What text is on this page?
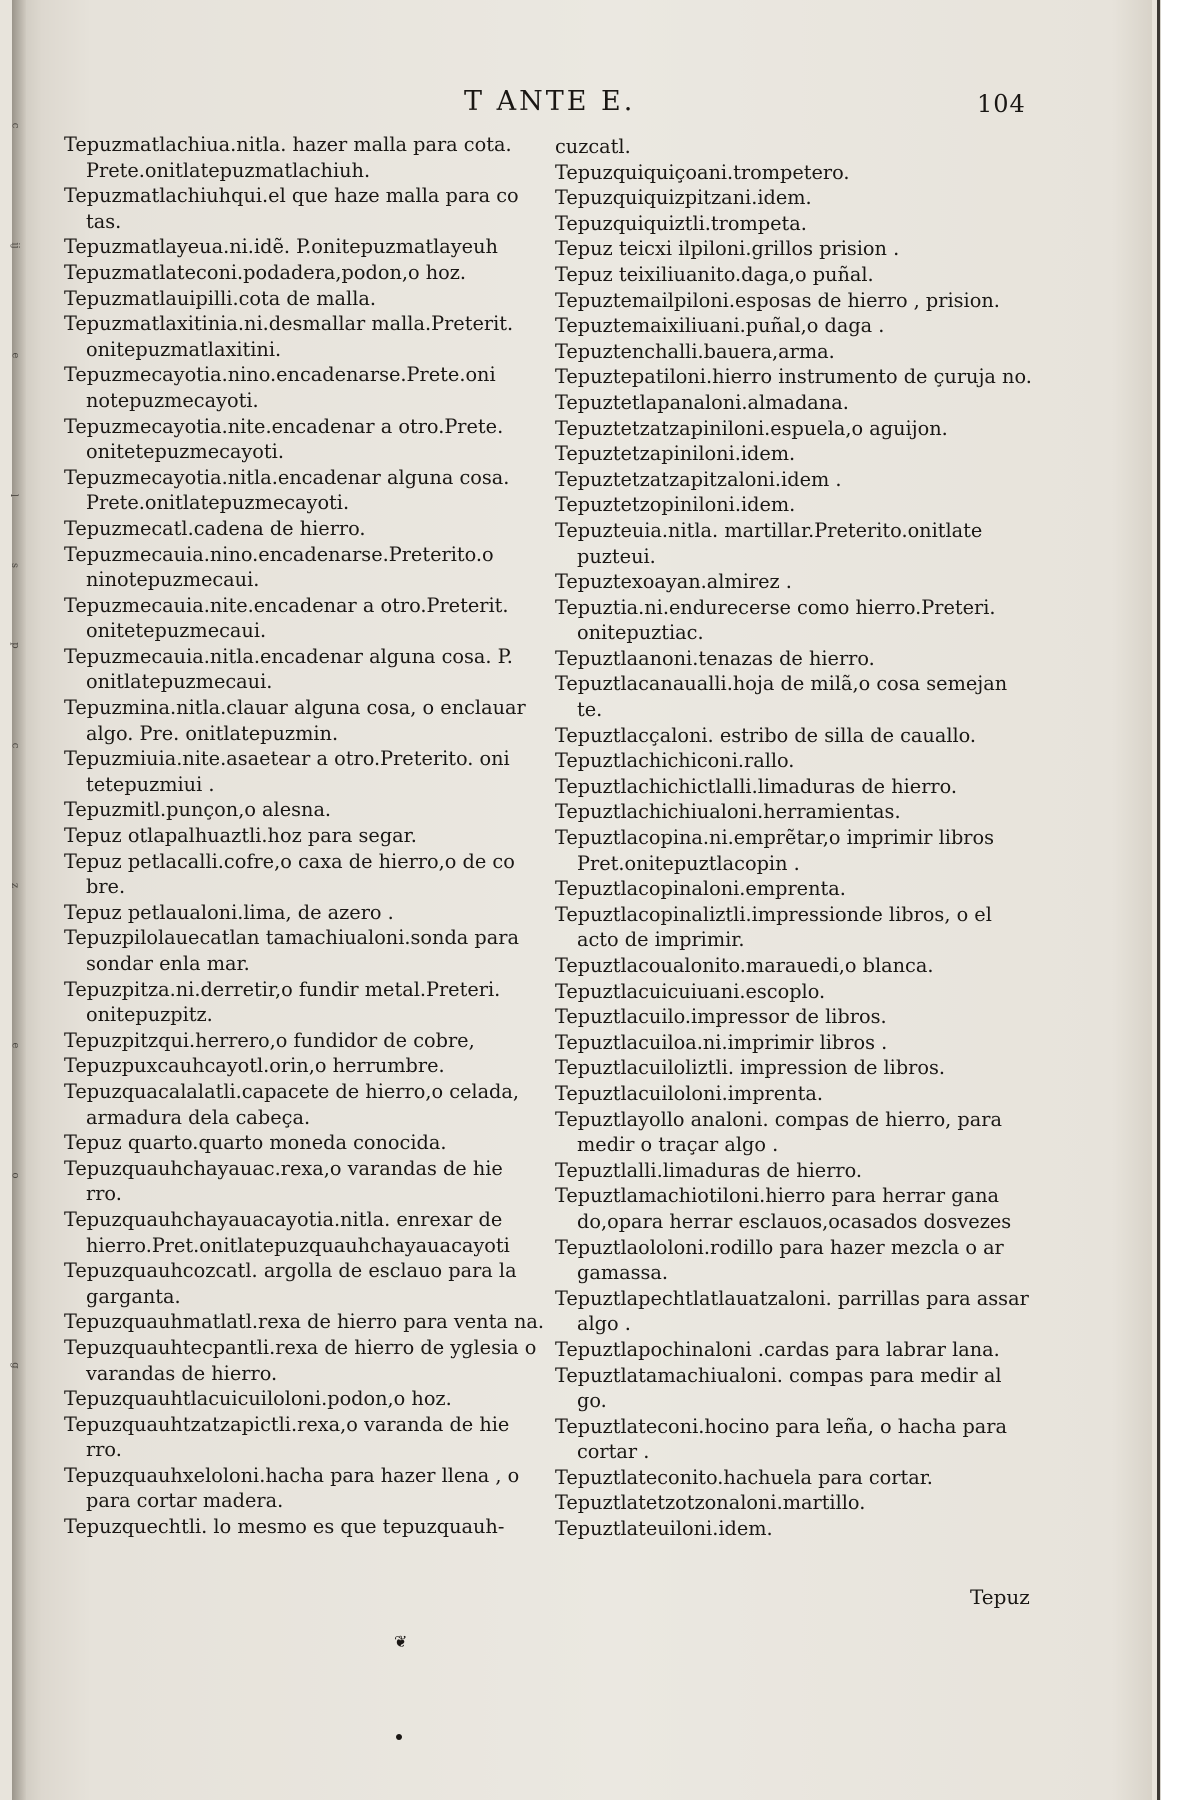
c
ij
e
l
s
p
c
z
e
o
g
T ANTE E.	104

Tepuzmatlachiua.nitla. hazer malla para cota. Prete.onitlatepuzmatlachiuh.

Tepuzmatlachiuhqui.el que haze malla para co tas.

Tepuzmatlayeua.ni.idẽ. P.onitepuzmatlayeuh

Tepuzmatlateconi.podadera,podon,o hoz.

Tepuzmatlauipilli.cota de malla.

Tepuzmatlaxitinia.ni.desmallar malla.Preterit. onitepuzmatlaxitini.

Tepuzmecayotia.nino.encadenarse.Prete.oni notepuzmecayoti.

Tepuzmecayotia.nite.encadenar a otro.Prete. onitetepuzmecayoti.

Tepuzmecayotia.nitla.encadenar alguna cosa. Prete.onitlatepuzmecayoti.

Tepuzmecatl.cadena de hierro.

Tepuzmecauia.nino.encadenarse.Preterito.o ninotepuzmecaui.

Tepuzmecauia.nite.encadenar a otro.Preterit. onitetepuzmecaui.

Tepuzmecauia.nitla.encadenar alguna cosa. P. onitlatepuzmecaui.

Tepuzmina.nitla.clauar alguna cosa, o enclauar algo. Pre. onitlatepuzmin.

Tepuzmiuia.nite.asaetear a otro.Preterito. oni tetepuzmiui .

Tepuzmitl.punçon,o alesna.

Tepuz otlapalhuaztli.hoz para segar.

Tepuz petlacalli.cofre,o caxa de hierro,o de co bre.

Tepuz petlaualoni.lima, de azero .

Tepuzpilolauecatlan tamachiualoni.sonda para sondar enla mar.

Tepuzpitza.ni.derretir,o fundir metal.Preteri. onitepuzpitz.

Tepuzpitzqui.herrero,o fundidor de cobre,

Tepuzpuxcauhcayotl.orin,o herrumbre.

Tepuzquacalalatli.capacete de hierro,o celada, armadura dela cabeça.

Tepuz quarto.quarto moneda conocida.

Tepuzquauhchayauac.rexa,o varandas de hie rro.

Tepuzquauhchayauacayotia.nitla. enrexar de hierro.Pret.onitlatepuzquauhchayauacayoti

Tepuzquauhcozcatl. argolla de esclauo para la garganta.

Tepuzquauhmatlatl.rexa de hierro para venta na.

Tepuzquauhtecpantli.rexa de hierro de yglesia o varandas de hierro.

Tepuzquauhtlacuicuiloloni.podon,o hoz.

Tepuzquauhtzatzapictli.rexa,o varanda de hie rro.

Tepuzquauhxeloloni.hacha para hazer llena , o para cortar madera.

Tepuzquechtli. lo mesmo es que tepuzquauh-

cuzcatl.

Tepuzquiquiçoani.trompetero.

Tepuzquiquizpitzani.idem.

Tepuzquiquiztli.trompeta.

Tepuz teicxi ilpiloni.grillos prision .

Tepuz teixiliuanito.daga,o puñal.

Tepuztemailpiloni.esposas de hierro , prision.

Tepuztemaixiliuani.puñal,o daga .

Tepuztenchalli.bauera,arma.

Tepuztepatiloni.hierro instrumento de çuruja no.

Tepuztetlapanaloni.almadana.

Tepuztetzatzapiniloni.espuela,o aguijon.

Tepuztetzapiniloni.idem.

Tepuztetzatzapitzaloni.idem .

Tepuztetzopiniloni.idem.

Tepuzteuia.nitla. martillar.Preterito.onitlate puzteui.

Tepuztexoayan.almirez .

Tepuztia.ni.endurecerse como hierro.Preteri. onitepuztiac.

Tepuztlaanoni.tenazas de hierro.

Tepuztlacanaualli.hoja de milã,o cosa semejan te.

Tepuztlacçaloni. estribo de silla de cauallo.

Tepuztlachichiconi.rallo.

Tepuztlachichictlalli.limaduras de hierro.

Tepuztlachichiualoni.herramientas.

Tepuztlacopina.ni.emprẽtar,o imprimir libros Pret.onitepuztlacopin .

Tepuztlacopinaloni.emprenta.

Tepuztlacopinaliztli.impressionde libros, o el acto de imprimir.

Tepuztlacoualonito.marauedi,o blanca.

Tepuztlacuicuiuani.escoplo.

Tepuztlacuilo.impressor de libros.

Tepuztlacuiloa.ni.imprimir libros .

Tepuztlacuiloliztli. impression de libros.

Tepuztlacuiloloni.imprenta.

Tepuztlayollo analoni. compas de hierro, para medir o traçar algo .

Tepuztlalli.limaduras de hierro.

Tepuztlamachiotiloni.hierro para herrar gana do,opara herrar esclauos,ocasados dosvezes

Tepuztlaololoni.rodillo para hazer mezcla o ar gamassa.

Tepuztlapechtlatlauatzaloni. parrillas para assar algo .

Tepuztlapochinaloni .cardas para labrar lana.

Tepuztlatamachiualoni. compas para medir al go.

Tepuztlateconi.hocino para leña, o hacha para cortar .

Tepuztlateconito.hachuela para cortar.

Tepuztlatetzotzonaloni.martillo.

Tepuztlateuiloni.idem.

Tepuz
❦
